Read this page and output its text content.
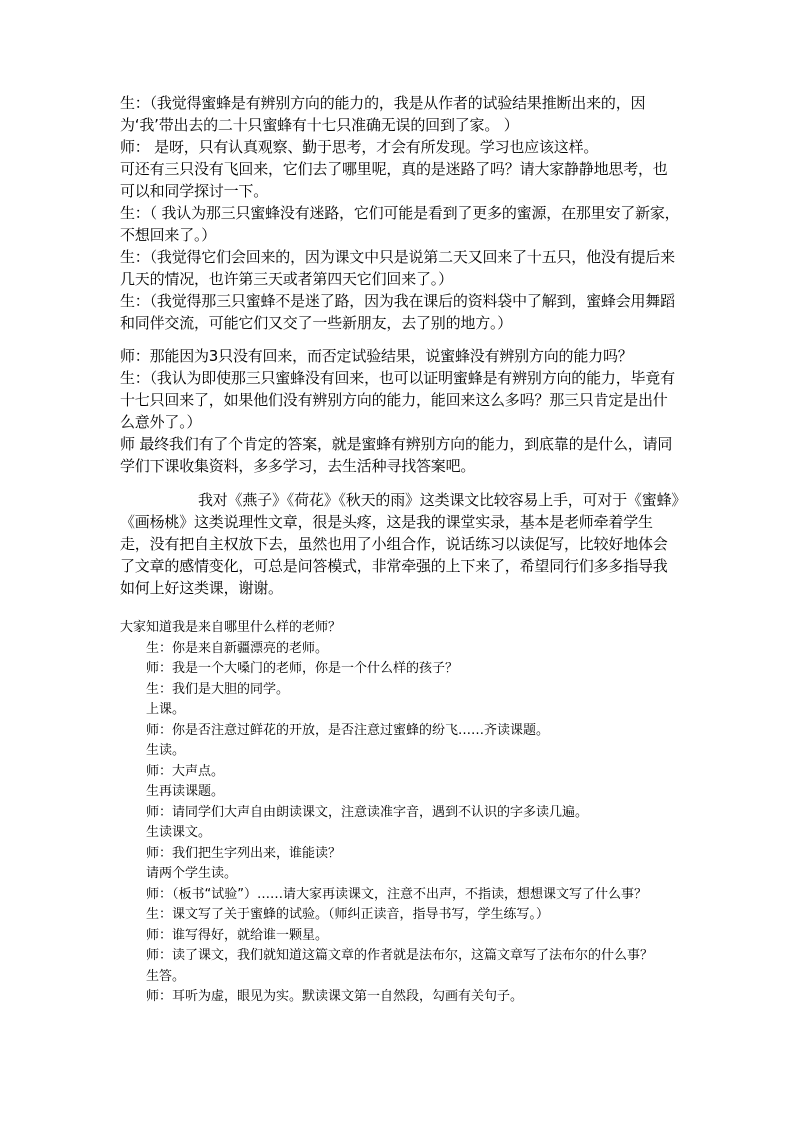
生：（我觉得蜜蜂是有辨别方向的能力的，我是从作者的试验结果推断出来的，因为‘我’带出去的二十只蜜蜂有十七只准确无误的回到了家。 ）

师： 是呀，只有认真观察、勤于思考，才会有所发现。学习也应该这样。

可还有三只没有飞回来，它们去了哪里呢，真的是迷路了吗？请大家静静地思考，也可以和同学探讨一下。

生：（ 我认为那三只蜜蜂没有迷路，它们可能是看到了更多的蜜源，在那里安了新家，不想回来了。）

生：（我觉得它们会回来的，因为课文中只是说第二天又回来了十五只，他没有提后来几天的情况，也许第三天或者第四天它们回来了。）

生：（我觉得那三只蜜蜂不是迷了路，因为我在课后的资料袋中了解到，蜜蜂会用舞蹈和同伴交流，可能它们又交了一些新朋友，去了别的地方。）

师：那能因为3只没有回来，而否定试验结果，说蜜蜂没有辨别方向的能力吗？

生：（我认为即使那三只蜜蜂没有回来，也可以证明蜜蜂是有辨别方向的能力，毕竟有十七只回来了，如果他们没有辨别方向的能力，能回来这么多吗？那三只肯定是出什么意外了。）

师 最终我们有了个肯定的答案，就是蜜蜂有辨别方向的能力，到底靠的是什么，请同学们下课收集资料，多多学习，去生活种寻找答案吧。

我对《燕子》《荷花》《秋天的雨》这类课文比较容易上手，可对于《蜜蜂》《画杨桃》这类说理性文章，很是头疼，这是我的课堂实录，基本是老师牵着学生走，没有把自主权放下去，虽然也用了小组合作，说话练习以读促写，比较好地体会了文章的感情变化，可总是问答模式，非常牵强的上下来了，希望同行们多多指导我如何上好这类课，谢谢。

大家知道我是来自哪里什么样的老师？

生：你是来自新疆漂亮的老师。

师：我是一个大嗓门的老师，你是一个什么样的孩子？

生：我们是大胆的同学。

上课。

师：你是否注意过鲜花的开放，是否注意过蜜蜂的纷飞……齐读课题。

生读。

师：大声点。

生再读课题。

师：请同学们大声自由朗读课文，注意读准字音，遇到不认识的字多读几遍。

生读课文。

师：我们把生字列出来，谁能读？

请两个学生读。

师：（板书“试验”）……请大家再读课文，注意不出声，不指读，想想课文写了什么事？

生：课文写了关于蜜蜂的试验。（师纠正读音，指导书写，学生练写。）

师：谁写得好，就给谁一颗星。

师：读了课文，我们就知道这篇文章的作者就是法布尔，这篇文章写了法布尔的什么事？

生答。

师：耳听为虚，眼见为实。默读课文第一自然段，勾画有关句子。
